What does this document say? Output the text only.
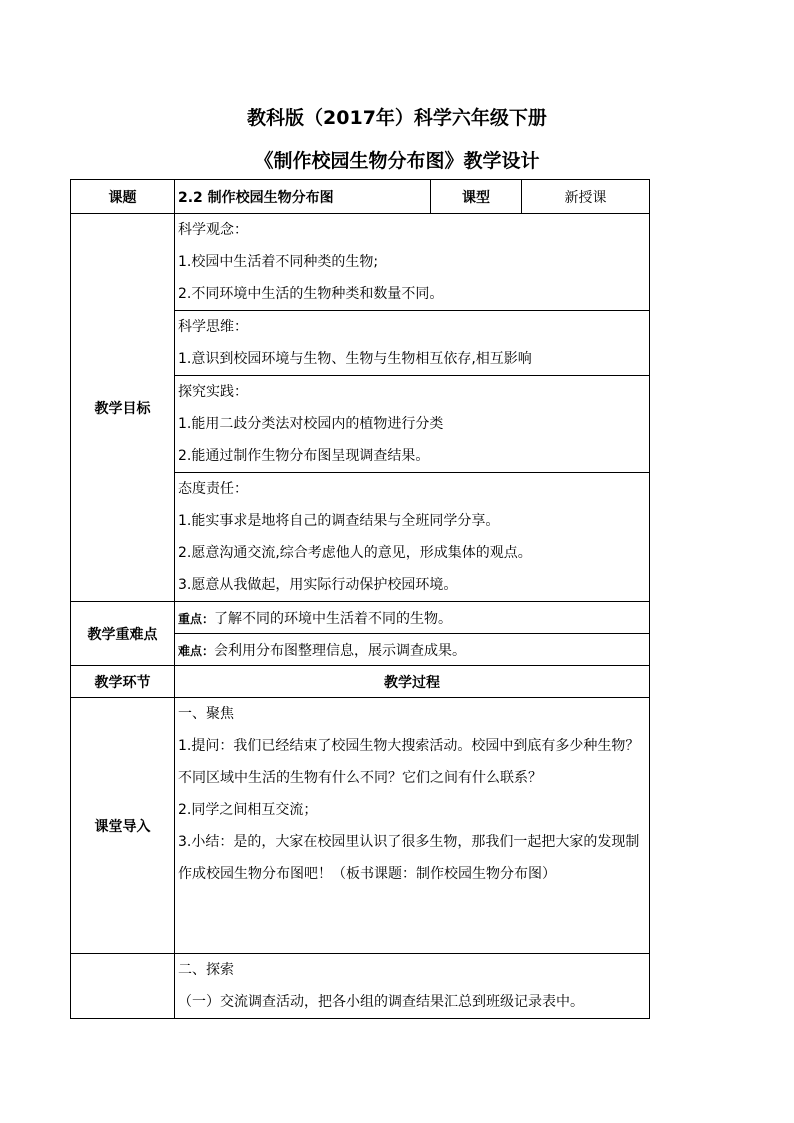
教科版（2017年）科学六年级下册
《制作校园生物分布图》教学设计
课题	2.2 制作校园生物分布图	课型	新授课
教学目标	科学观念：
1.校园中生活着不同种类的生物;
2.不同环境中生活的生物种类和数量不同。		

	科学思维：
1.意识到校园环境与生物、生物与生物相互依存,相互影响		

	探究实践：
1.能用二歧分类法对校园内的植物进行分类
2.能通过制作生物分布图呈现调查结果。		

	态度责任：
1.能实事求是地将自己的调查结果与全班同学分享。
2.愿意沟通交流,综合考虑他人的意见，形成集体的观点。
3.愿意从我做起，用实际行动保护校园环境。		

教学重难点	重点：了解不同的环境中生活着不同的生物。		
	难点：会利用分布图整理信息，展示调查成果。		
教学环节	教学过程		
课堂导入	一、聚焦
1.提问：我们已经结束了校园生物大搜索活动。校园中到底有多少种生物？不同区域中生活的生物有什么不同？它们之间有什么联系？
2.同学之间相互交流；
3.小结：是的，大家在校园里认识了很多生物，那我们一起把大家的发现制作成校园生物分布图吧！（板书课题：制作校园生物分布图）		

	二、探索
（一）交流调查活动，把各小组的调查结果汇总到班级记录表中。		
